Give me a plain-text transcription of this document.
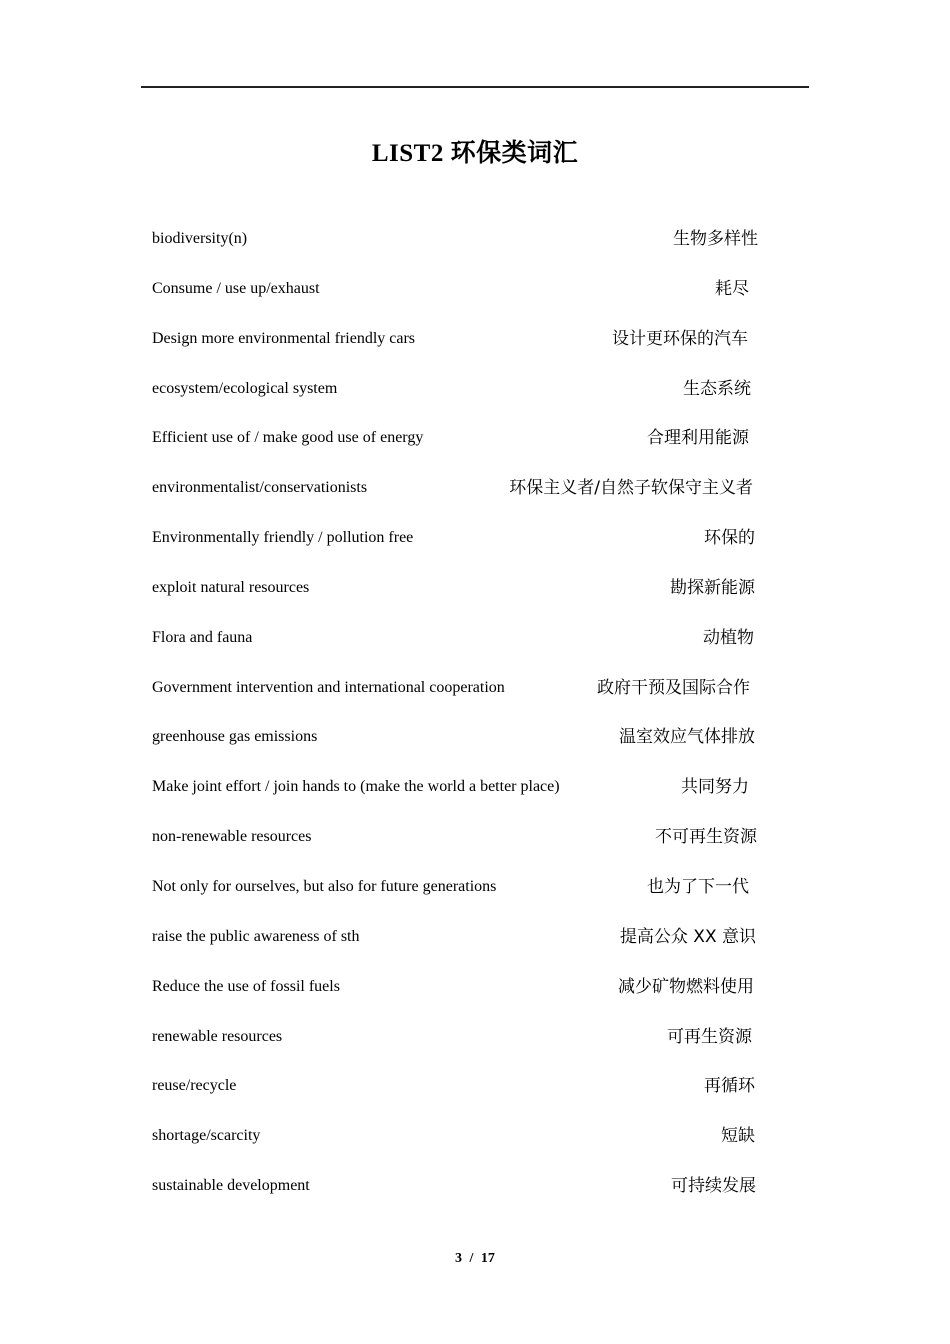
LIST2 环保类词汇
biodiversity(n)	生物多样性
Consume / use up/exhaust	耗尽
Design more environmental friendly cars	设计更环保的汽车
ecosystem/ecological system	生态系统
Efficient use of / make good use of energy	合理利用能源
environmentalist/conservationists	环保主义者/自然子软保守主义者
Environmentally friendly / pollution free	环保的
exploit natural resources	勘探新能源
Flora and fauna	动植物
Government intervention and international cooperation	政府干预及国际合作
greenhouse gas emissions	温室效应气体排放
Make joint effort / join hands to (make the world a better place)	共同努力
non-renewable resources	不可再生资源
Not only for ourselves, but also for future generations	也为了下一代
raise the public awareness of sth	提高公众 XX 意识
Reduce the use of fossil fuels	减少矿物燃料使用
renewable resources	可再生资源
reuse/recycle	再循环
shortage/scarcity	短缺
sustainable development	可持续发展
3 / 17
